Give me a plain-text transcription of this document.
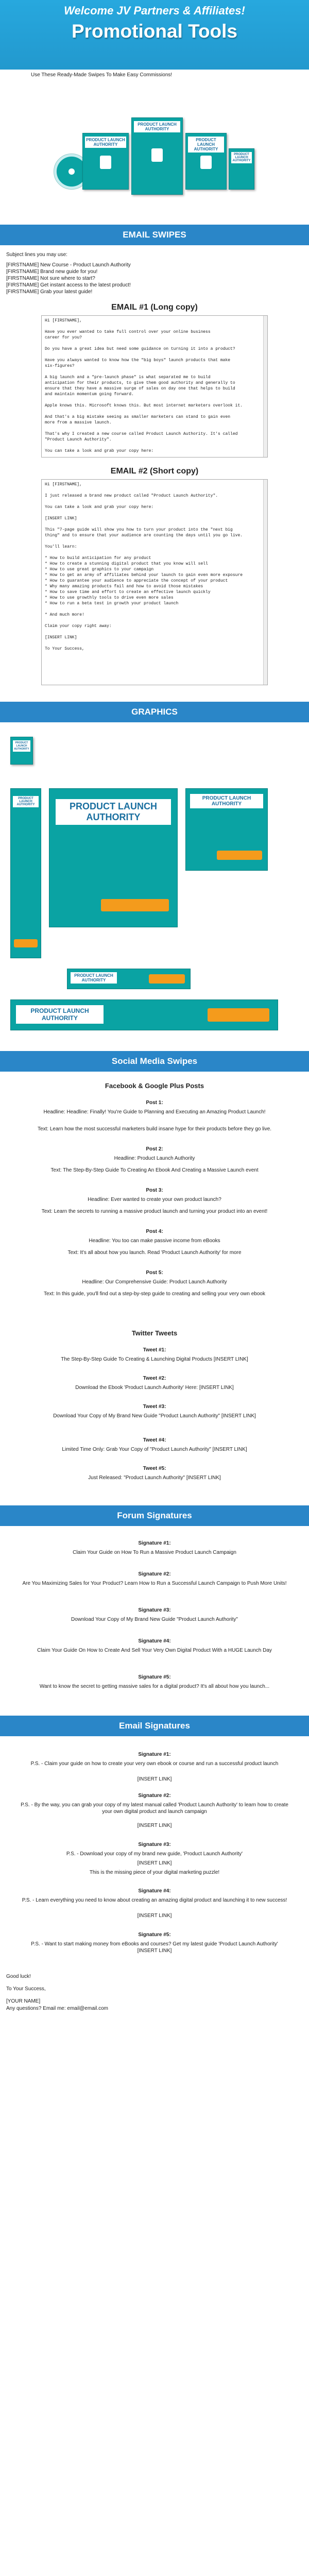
Welcome JV Partners & Affiliates!
Promotional Tools
Use These Ready-Made Swipes To Make Easy Commissions!
PRODUCT LAUNCH AUTHORITY
PRODUCT LAUNCH AUTHORITY
PRODUCT LAUNCH AUTHORITY
PRODUCT LAUNCH AUTHORITY
EMAIL SWIPES
Subject lines you may use:
[FIRSTNAME] New Course - Product Launch Authority
[FIRSTNAME] Brand new guide for you!
[FIRSTNAME] Not sure where to start?
[FIRSTNAME] Get instant access to the latest product!
[FIRSTNAME] Grab your latest guide!
EMAIL #1 (Long copy)
Hi [FIRSTNAME],

Have you ever wanted to take full control over your online business
career for you?

Do you have a great idea but need some guidance on turning it into a product?

Have you always wanted to know how the "big boys" launch products that make
six-figures?

A big launch and a "pre-launch phase" is what separated me to build
anticipation for their products, to give them good authority and generally to
ensure that they have a massive surge of sales on day one that helps to build
and maintain momentum going forward.

Apple knows this. Microsoft knows this. But most internet marketers overlook it.

And that's a big mistake seeing as smaller marketers can stand to gain even
more from a massive launch.

That's why I created a new course called Product Launch Authority. It's called
"Product Launch Authority".

You can take a look and grab your copy here:

EMAIL #2 (Short copy)
Hi [FIRSTNAME],

I just released a brand new product called "Product Launch Authority".

You can take a look and grab your copy here:

[INSERT LINK]

This "7-page guide will show you how to turn your product into the "next big
thing" and to ensure that your audience are counting the days until you go live.

You'll learn:

* How to build anticipation for any product
* How to create a stunning digital product that you know will sell
* How to use great graphics to your campaign
* How to get an army of affiliates behind your launch to gain even more exposure
* How to guarantee your audience to appreciate the concept of your product
* Why many amazing products fail and how to avoid those mistakes
* How to save time and effort to create an effective launch quickly
* How to use growthly tools to drive even more sales
* How to run a beta test in growth your product launch

* And much more!

Claim your copy right away:

[INSERT LINK]

To Your Success,
GRAPHICS
PRODUCT LAUNCH AUTHORITY
PRODUCT LAUNCH AUTHORITY	PRODUCT LAUNCH AUTHORITY
PRODUCT LAUNCH AUTHORITY
PRODUCT LAUNCH AUTHORITY
PRODUCT LAUNCH AUTHORITY
Social Media Swipes
Facebook & Google Plus Posts
Post 1:
Headline: Headline: Finally! You're Guide to Planning and Executing an Amazing Product Launch!
Text: Learn how the most successful marketers build insane hype for their products before they go live.
Post 2:
Headline: Product Launch Authority
Text: The Step-By-Step Guide To Creating An Ebook And Creating a Massive Launch event
Post 3:
Headline: Ever wanted to create your own product launch?
Text: Learn the secrets to running a massive product launch and turning your product into an event!
Post 4:
Headline: You too can make passive income from eBooks
Text: It's all about how you launch. Read 'Product Launch Authority' for more
Post 5:
Headline: Our Comprehensive Guide: Product Launch Authority
Text: In this guide, you'll find out a step-by-step guide to creating and selling your very own ebook
Twitter Tweets
Tweet #1:
The Step-By-Step Guide To Creating & Launching Digital Products [INSERT LINK]
Tweet #2:
Download the Ebook 'Product Launch Authority' Here: [INSERT LINK]
Tweet #3:
Download Your Copy of My Brand New Guide "Product Launch Authority" [INSERT LINK]
Tweet #4:
Limited Time Only: Grab Your Copy of "Product Launch Authority" [INSERT LINK]
Tweet #5:
Just Released: "Product Launch Authority" [INSERT LINK]
Forum Signatures
Signature #1:
Claim Your Guide on How To Run a Massive Product Launch Campaign
Signature #2:
Are You Maximizing Sales for Your Product? Learn How to Run a Successful Launch Campaign to Push More Units!
Signature #3:
Download Your Copy of My Brand New Guide "Product Launch Authority"
Signature #4:
Claim Your Guide On How to Create And Sell Your Very Own Digital Product With a HUGE Launch Day
Signature #5:
Want to know the secret to getting massive sales for a digital product? It's all about how you launch...
Email Signatures
Signature #1:
P.S. - Claim your guide on how to create your very own ebook or course and run a successful product launch
[INSERT LINK]
Signature #2:
P.S. - By the way, you can grab your copy of my latest manual called 'Product Launch Authority' to learn how to create your own digital product and launch campaign
[INSERT LINK]
Signature #3:
P.S. - Download your copy of my brand new guide, 'Product Launch Authority'
[INSERT LINK]
This is the missing piece of your digital marketing puzzle!
Signature #4:
P.S. - Learn everything you need to know about creating an amazing digital product and launching it to new success!
[INSERT LINK]
Signature #5:
P.S. - Want to start making money from eBooks and courses? Get my latest guide 'Product Launch Authority' [INSERT LINK]
Good luck!
To Your Success,
[YOUR NAME]
Any questions? Email me: email@email.com
